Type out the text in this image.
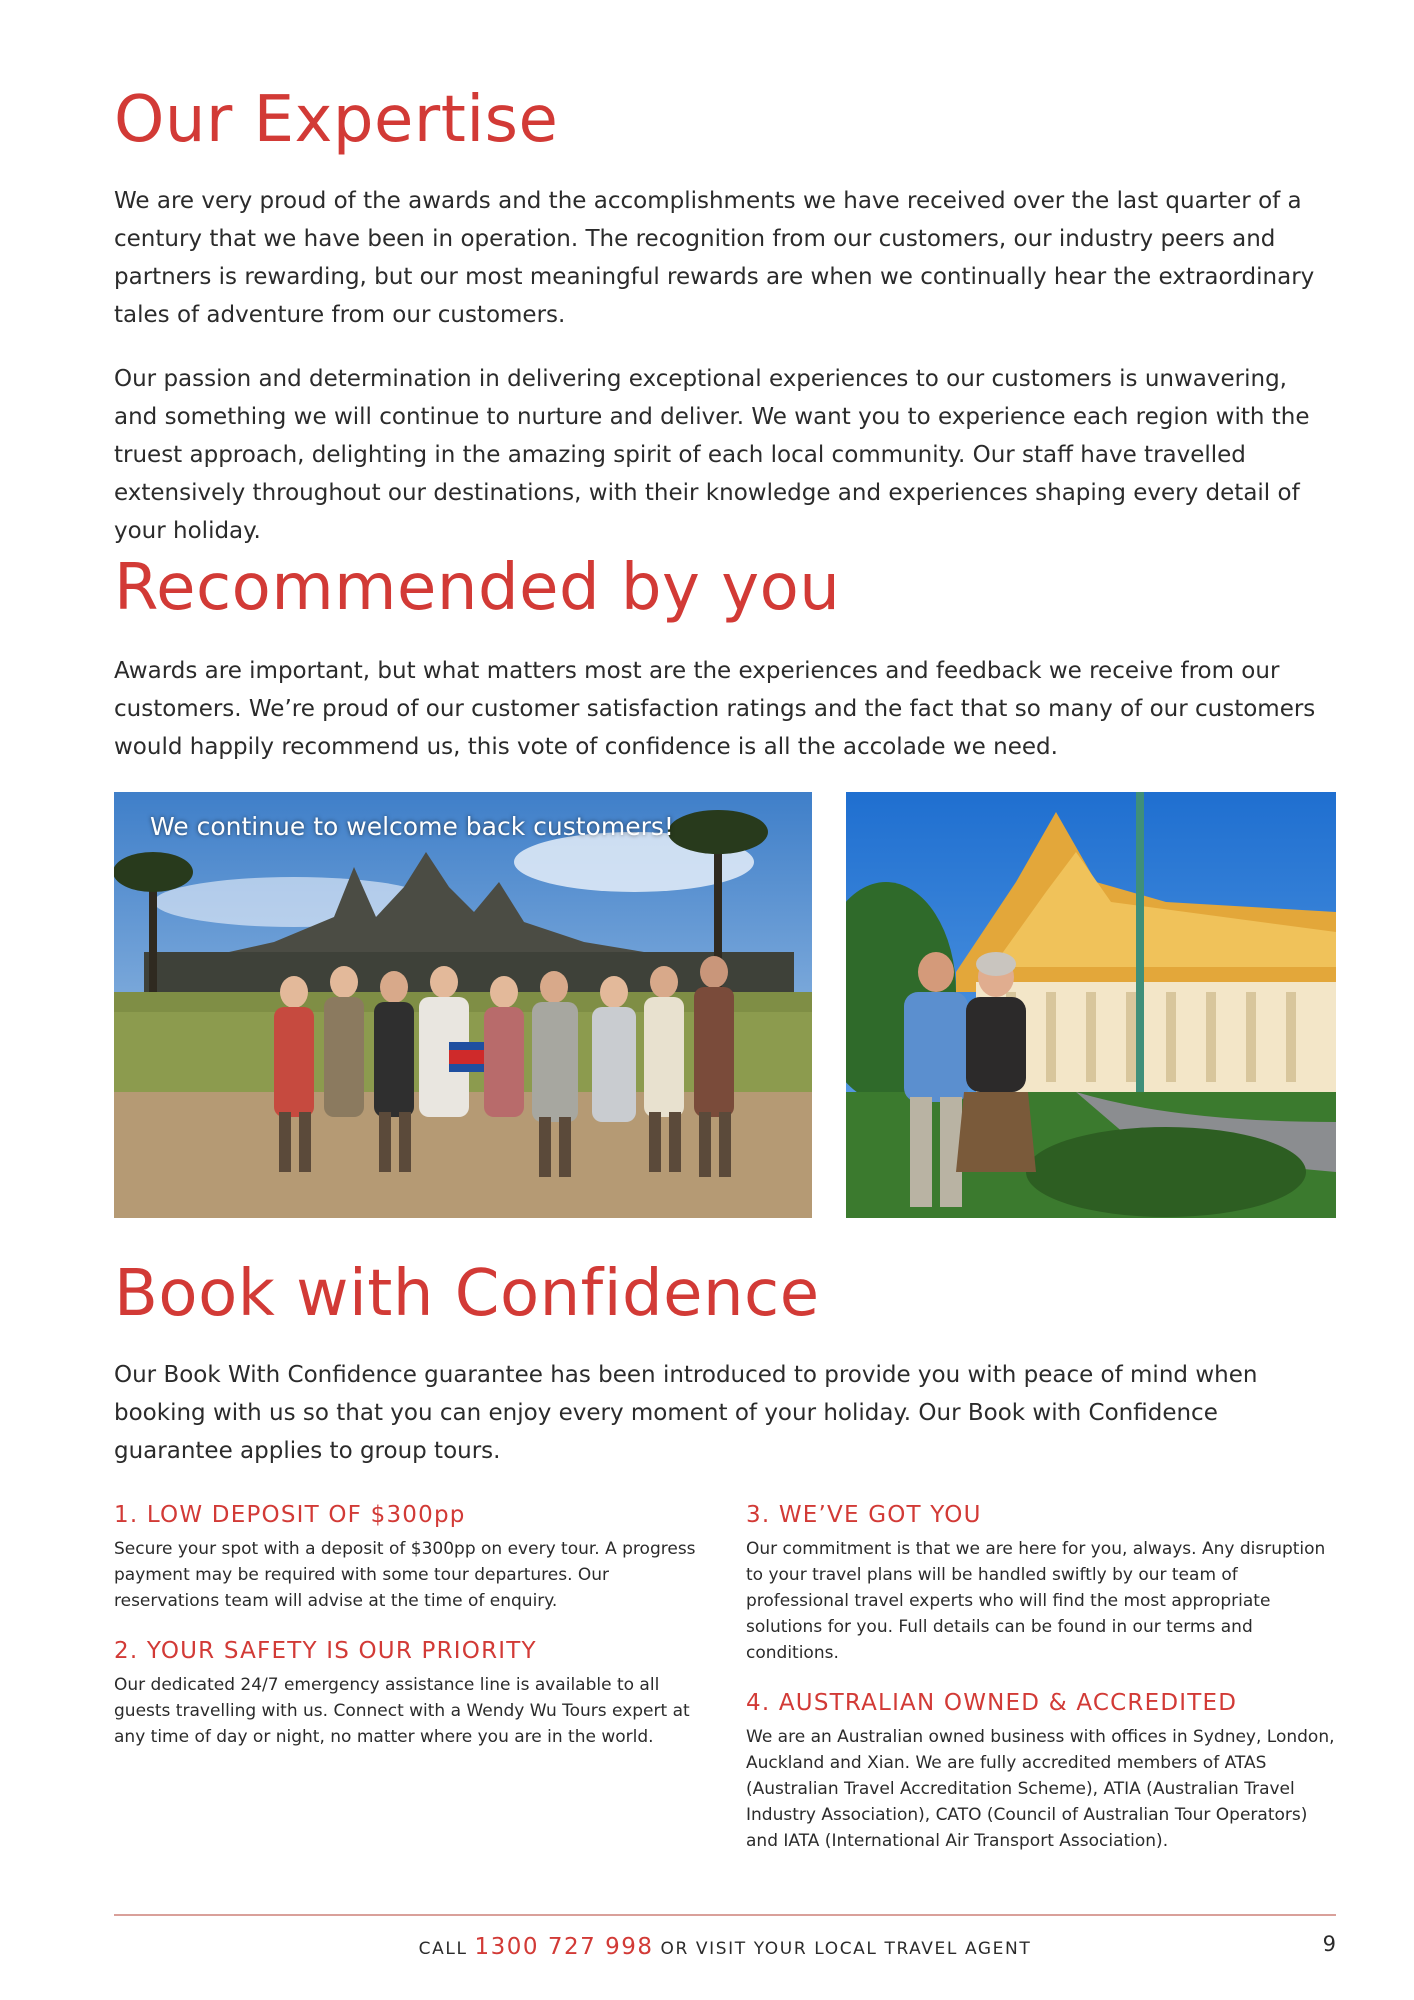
Our Expertise

We are very proud of the awards and the accomplishments we have received over the last quarter of a century that we have been in operation. The recognition from our customers, our industry peers and partners is rewarding, but our most meaningful rewards are when we continually hear the extraordinary tales of adventure from our customers.

Our passion and determination in delivering exceptional experiences to our customers is unwavering, and something we will continue to nurture and deliver. We want you to experience each region with the truest approach, delighting in the amazing spirit of each local community. Our staff have travelled extensively throughout our destinations, with their knowledge and experiences shaping every detail of your holiday.

Recommended by you

Awards are important, but what matters most are the experiences and feedback we receive from our customers. We’re proud of our customer satisfaction ratings and the fact that so many of our customers would happily recommend us, this vote of confidence is all the accolade we need.

We continue to welcome back customers!
Book with Confidence

Our Book With Confidence guarantee has been introduced to provide you with peace of mind when booking with us so that you can enjoy every moment of your holiday. Our Book with Confidence guarantee applies to group tours.

1. LOW DEPOSIT OF $300pp

Secure your spot with a deposit of $300pp on every tour. A progress payment may be required with some tour departures. Our reservations team will advise at the time of enquiry.

2. YOUR SAFETY IS OUR PRIORITY

Our dedicated 24/7 emergency assistance line is available to all guests travelling with us. Connect with a Wendy Wu Tours expert at any time of day or night, no matter where you are in the world.

3. WE’VE GOT YOU

Our commitment is that we are here for you, always. Any disruption to your travel plans will be handled swiftly by our team of professional travel experts who will find the most appropriate solutions for you. Full details can be found in our terms and conditions.

4. AUSTRALIAN OWNED & ACCREDITED

We are an Australian owned business with offices in Sydney, London, Auckland and Xian. We are fully accredited members of ATAS (Australian Travel Accreditation Scheme), ATIA (Australian Travel Industry Association), CATO (Council of Australian Tour Operators) and IATA (International Air Transport Association).

CALL 1300 727 998 OR VISIT YOUR LOCAL TRAVEL AGENT	9
